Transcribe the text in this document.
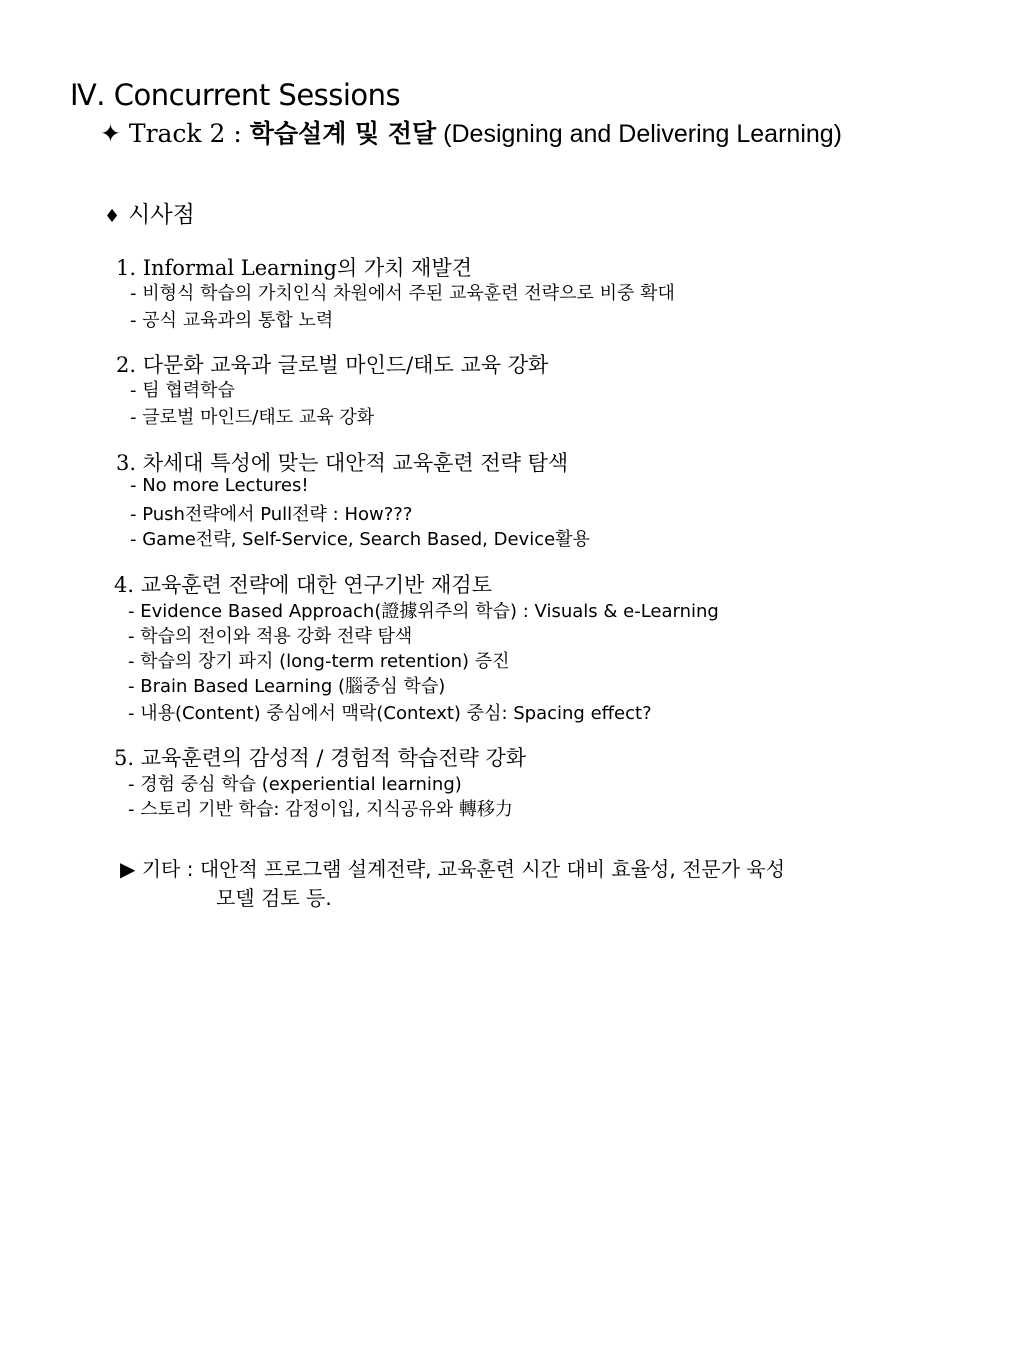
Ⅳ. Concurrent Sessions
✦ Track 2 : 학습설계 및 전달 (Designing and Delivering Learning)
♦ 시사점
1. Informal Learning의 가치 재발견
- 비형식 학습의 가치인식 차원에서 주된 교육훈련 전략으로 비중 확대
- 공식 교육과의 통합 노력
2. 다문화 교육과 글로벌 마인드/태도 교육 강화
- 팀 협력학습
- 글로벌 마인드/태도 교육 강화
3. 차세대 특성에 맞는 대안적 교육훈련 전략 탐색
- No more Lectures!
- Push전략에서 Pull전략 : How???
- Game전략, Self-Service, Search Based, Device활용
4. 교육훈련 전략에 대한 연구기반 재검토
- Evidence Based Approach(證據위주의 학습) : Visuals & e-Learning
- 학습의 전이와 적용 강화 전략 탐색
- 학습의 장기 파지 (long-term retention) 증진
- Brain Based Learning (腦중심 학습)
- 내용(Content) 중심에서 맥락(Context) 중심: Spacing effect?
5. 교육훈련의 감성적 / 경험적 학습전략 강화
- 경험 중심 학습 (experiential learning)
- 스토리 기반 학습: 감정이입, 지식공유와 轉移力
▶ 기타 : 대안적 프로그램 설계전략, 교육훈련 시간 대비 효율성, 전문가 육성
모델 검토 등.
